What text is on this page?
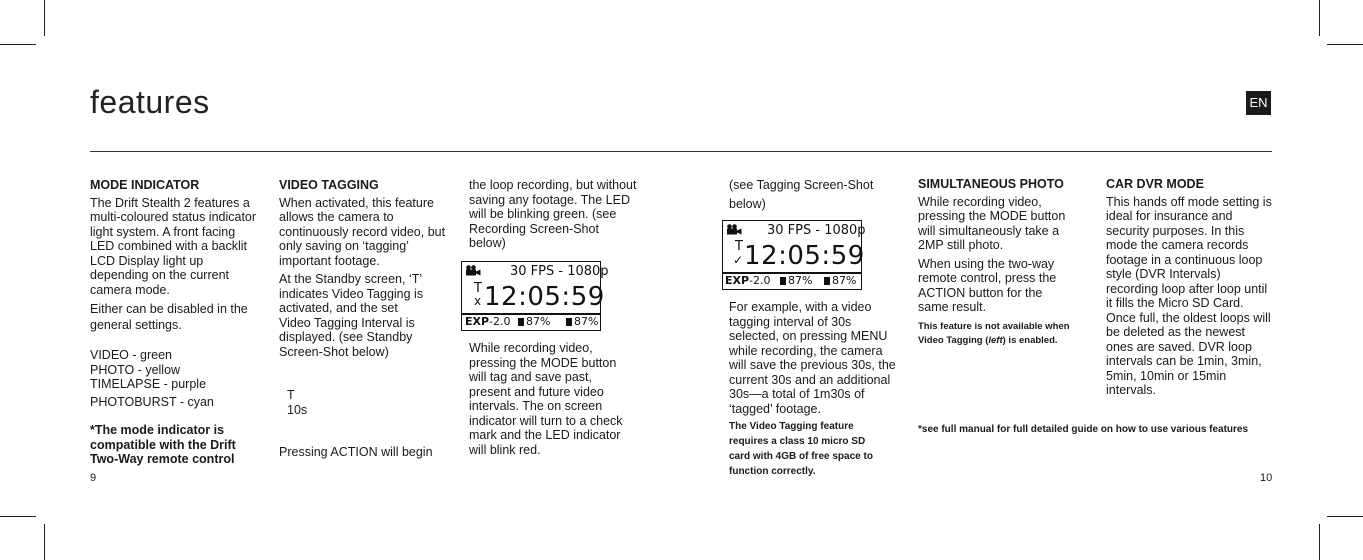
features	EN

MODE INDICATOR

The Drift Stealth 2 features a multi-coloured status indicator light system. A front facing LED combined with a backlit LCD Display light up depending on the current camera mode.

Either can be disabled in the general settings.

VIDEO - green

PHOTO - yellow

TIMELAPSE - purple

PHOTOBURST - cyan

*The mode indicator is compatible with the Drift Two-Way remote control

VIDEO TAGGING

When activated, this feature allows the camera to continuously record video, but only saving on ‘tagging’ important footage.

At the Standby screen, ‘T’ indicates Video Tagging is activated, and the set Video Tagging Interval is displayed. (see Standby Screen-Shot below)

T

10s

Pressing ACTION will begin
the loop recording, but without saving any footage. The LED will be blinking green. (see Recording Screen-Shot below)
30 FPS - 1080p
T
x 12:05:59
EXP-2.0	87%	87%
While recording video, pressing the MODE button will tag and save past, present and future video intervals. The on screen indicator will turn to a check mark and the LED indicator will blink red.
(see Tagging Screen-Shot below)
30 FPS - 1080p
T
✓ 12:05:59
EXP-2.0	87%	87%

For example, with a video tagging interval of 30s selected, on pressing MENU while recording, the camera will save the previous 30s, the current 30s and an additional 30s—a total of 1m30s of ‘tagged’ footage.

The Video Tagging feature requires a class 10 micro SD card with 4GB of free space to function correctly.

SIMULTANEOUS PHOTO

While recording video, pressing the MODE button will simultaneously take a 2MP still photo.

When using the two-way remote control, press the ACTION button for the same result.

This feature is not available when Video Tagging (left) is enabled.

CAR DVR MODE

This hands off mode setting is ideal for insurance and security purposes. In this mode the camera records footage in a continuous loop style (DVR Intervals) recording loop after loop until it fills the Micro SD Card. Once full, the oldest loops will be deleted as the newest ones are saved. DVR loop intervals can be 1min, 3min, 5min, 10min or 15min intervals.

*see full manual for full detailed guide on how to use various features
9	10
